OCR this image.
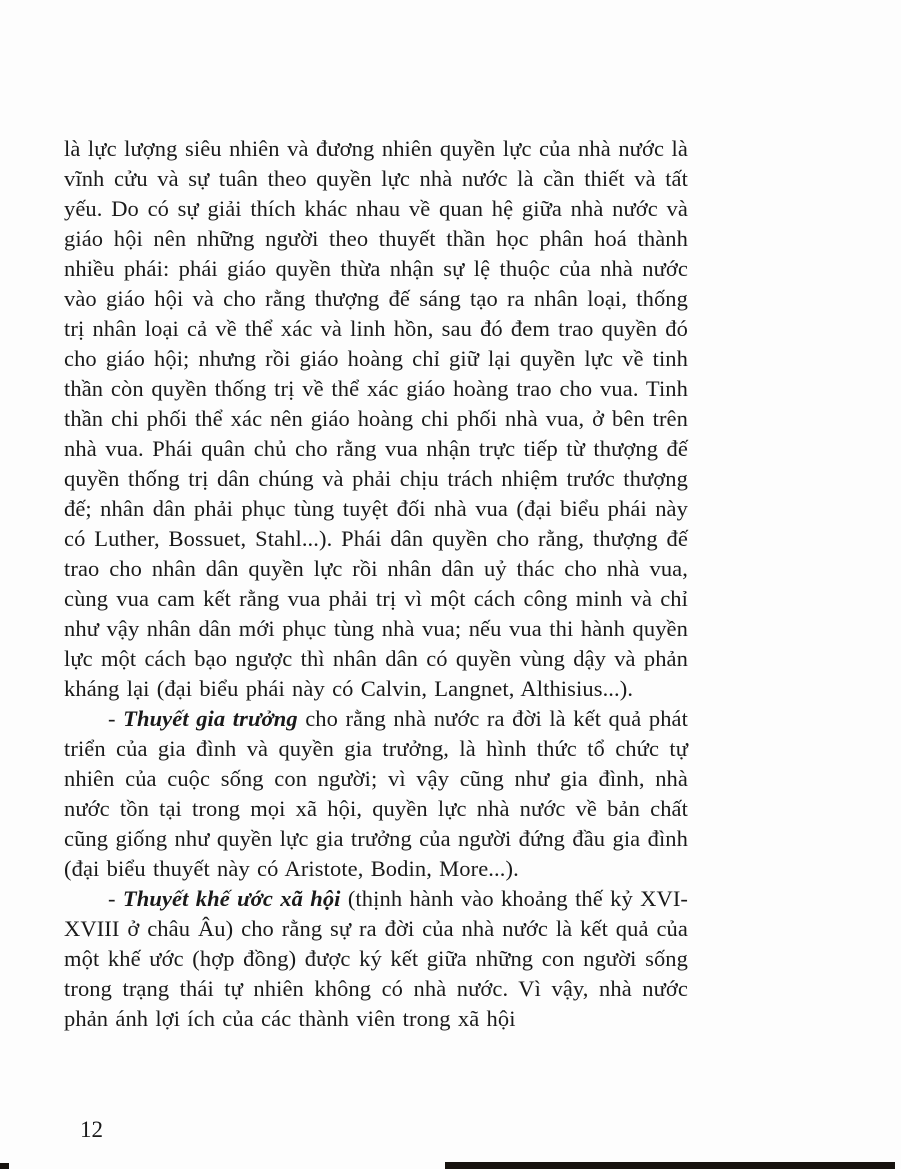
là lực lượng siêu nhiên và đương nhiên quyền lực của nhà nước là vĩnh cửu và sự tuân theo quyền lực nhà nước là cần thiết và tất yếu. Do có sự giải thích khác nhau về quan hệ giữa nhà nước và giáo hội nên những người theo thuyết thần học phân hoá thành nhiều phái: phái giáo quyền thừa nhận sự lệ thuộc của nhà nước vào giáo hội và cho rằng thượng đế sáng tạo ra nhân loại, thống trị nhân loại cả về thể xác và linh hồn, sau đó đem trao quyền đó cho giáo hội; nhưng rồi giáo hoàng chỉ giữ lại quyền lực về tinh thần còn quyền thống trị về thể xác giáo hoàng trao cho vua. Tinh thần chi phối thể xác nên giáo hoàng chi phối nhà vua, ở bên trên nhà vua. Phái quân chủ cho rằng vua nhận trực tiếp từ thượng đế quyền thống trị dân chúng và phải chịu trách nhiệm trước thượng đế; nhân dân phải phục tùng tuyệt đối nhà vua (đại biểu phái này có Luther, Bossuet, Stahl...). Phái dân quyền cho rằng, thượng đế trao cho nhân dân quyền lực rồi nhân dân uỷ thác cho nhà vua, cùng vua cam kết rằng vua phải trị vì một cách công minh và chỉ như vậy nhân dân mới phục tùng nhà vua; nếu vua thi hành quyền lực một cách bạo ngược thì nhân dân có quyền vùng dậy và phản kháng lại (đại biểu phái này có Calvin, Langnet, Althisius...).

- Thuyết gia trưởng cho rằng nhà nước ra đời là kết quả phát triển của gia đình và quyền gia trưởng, là hình thức tổ chức tự nhiên của cuộc sống con người; vì vậy cũng như gia đình, nhà nước tồn tại trong mọi xã hội, quyền lực nhà nước về bản chất cũng giống như quyền lực gia trưởng của người đứng đầu gia đình (đại biểu thuyết này có Aristote, Bodin, More...).

- Thuyết khế ước xã hội (thịnh hành vào khoảng thế kỷ XVI-XVIII ở châu Âu) cho rằng sự ra đời của nhà nước là kết quả của một khế ước (hợp đồng) được ký kết giữa những con người sống trong trạng thái tự nhiên không có nhà nước. Vì vậy, nhà nước phản ánh lợi ích của các thành viên trong xã hội

12
